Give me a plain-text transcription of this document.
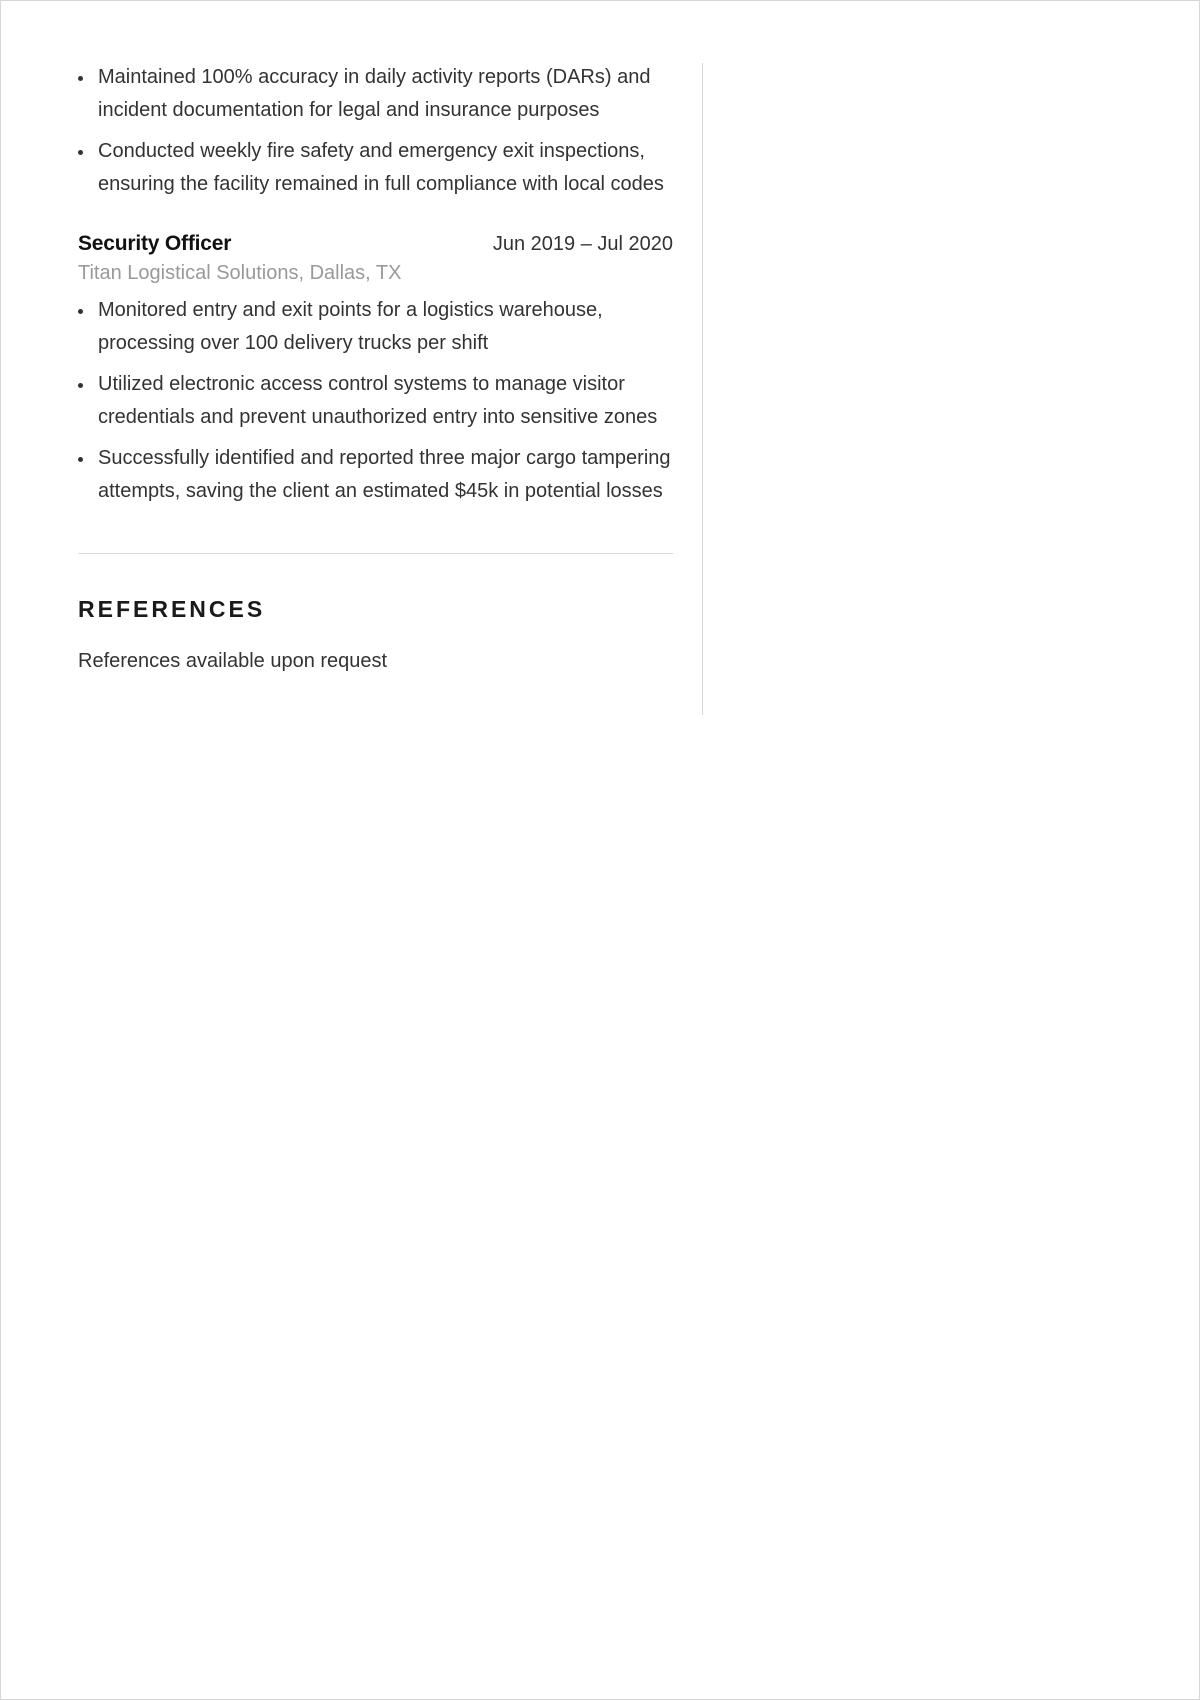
Maintained 100% accuracy in daily activity reports (DARs) and incident documentation for legal and insurance purposes
Conducted weekly fire safety and emergency exit inspections, ensuring the facility remained in full compliance with local codes
Security Officer	Jun 2019 – Jul 2020
Titan Logistical Solutions, Dallas, TX
Monitored entry and exit points for a logistics warehouse, processing over 100 delivery trucks per shift
Utilized electronic access control systems to manage visitor credentials and prevent unauthorized entry into sensitive zones
Successfully identified and reported three major cargo tampering attempts, saving the client an estimated $45k in potential losses
REFERENCES
References available upon request
